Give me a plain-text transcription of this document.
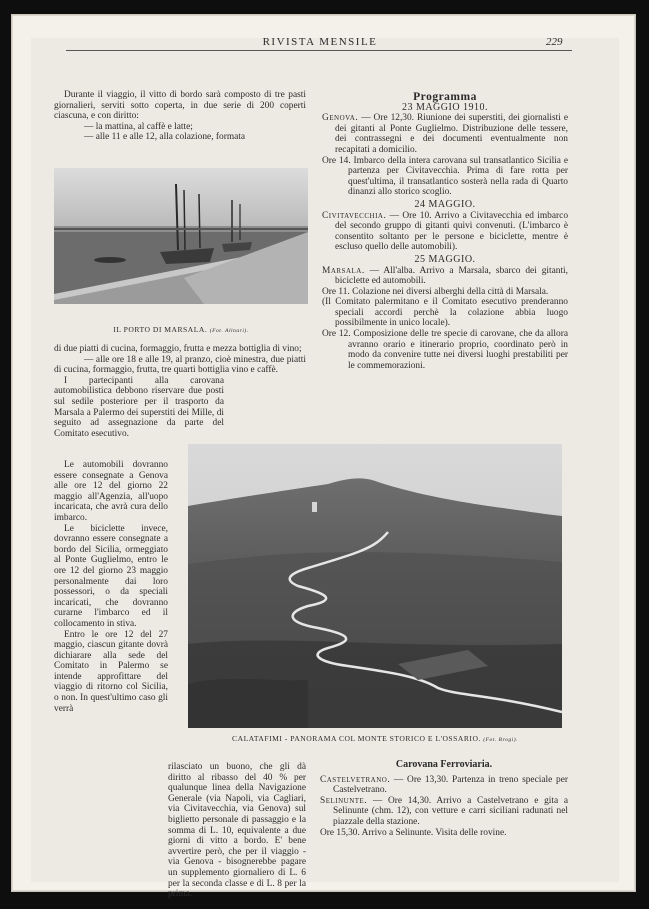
RIVISTA MENSILE	229

Durante il viaggio, il vitto di bordo sarà composto di tre pasti giornalieri, serviti sotto coperta, in due serie di 200 coperti ciascuna, e con diritto:

— la mattina, al caffè e latte;

— alle 11 e alle 12, alla colazione, formata

IL PORTO DI MARSALA. (Fot. Alinari).

di due piatti di cucina, formaggio, frutta e mezza bottiglia di vino;

— alle ore 18 e alle 19, al pranzo, cioè minestra, due piatti di cucina, formaggio, frutta, tre quarti bottiglia vino e caffè.

I partecipanti alla carovana automobilistica debbono riservare due posti sul sedile posteriore per il trasporto da Marsala a Palermo dei superstiti dei Mille, di seguito ad assegnazione da parte del Comitato esecutivo.

Le automobili dovranno essere consegnate a Genova alle ore 12 del giorno 22 maggio all'Agenzia, all'uopo incaricata, che avrà cura dello imbarco.

Le biciclette invece, dovranno essere consegnate a bordo del Sicilia, ormeggiato al Ponte Guglielmo, entro le ore 12 del giorno 23 maggio personalmente dai loro possessori, o da speciali incaricati, che dovranno curarne l'imbarco ed il collocamento in stiva.

Entro le ore 12 del 27 maggio, ciascun gitante dovrà dichiarare alla sede del Comitato in Palermo se intende approfittare del viaggio di ritorno col Sicilia, o non. In quest'ultimo caso gli verrà

Programma
23 MAGGIO 1910.

Genova. — Ore 12,30. Riunione dei superstiti, dei giornalisti e dei gitanti al Ponte Guglielmo. Distribuzione delle tessere, dei contrassegni e dei documenti eventualmente non recapitati a domicilio.

Ore 14. Imbarco della intera carovana sul transatlantico Sicilia e partenza per Civitavecchia. Prima di fare rotta per quest'ultima, il transatlantico sosterà nella rada di Quarto dinanzi allo storico scoglio.

24 MAGGIO.

Civitavecchia. — Ore 10. Arrivo a Civitavecchia ed imbarco del secondo gruppo di gitanti quivi convenuti. (L'imbarco è consentito soltanto per le persone e biciclette, mentre è escluso quello delle automobili).

25 MAGGIO.

Marsala. — All'alba. Arrivo a Marsala, sbarco dei gitanti, biciclette ed automobili.

Ore 11. Colazione nei diversi alberghi della città di Marsala.

(Il Comitato palermitano e il Comitato esecutivo prenderanno speciali accordi perchè la colazione abbia luogo possibilmente in unico locale).

Ore 12. Composizione delle tre specie di carovane, che da allora avranno orario e itinerario proprio, coordinato però in modo da convenire tutte nei diversi luoghi prestabiliti per le commemorazioni.

CALATAFIMI - PANORAMA COL MONTE STORICO E L'OSSARIO. (Fot. Brogi).

rilasciato un buono, che gli dà diritto al ribasso del 40 % per qualunque linea della Navigazione Generale (via Napoli, via Cagliari, via Civitavecchia, via Genova) sul biglietto personale di passaggio e la somma di L. 10, equivalente a due giorni di vitto a bordo. E' bene avvertire però, che per il viaggio - via Genova - bisognerebbe pagare un supplemento giornaliero di L. 6 per la seconda classe e di L. 8 per la prima.

Carovana Ferroviaria.

Castelvetrano. — Ore 13,30. Partenza in treno speciale per Castelvetrano.

Selinunte. — Ore 14,30. Arrivo a Castelvetrano e gita a Selinunte (chm. 12), con vetture e carri siciliani radunati nel piazzale della stazione.

Ore 15,30. Arrivo a Selinunte. Visita delle rovine.
